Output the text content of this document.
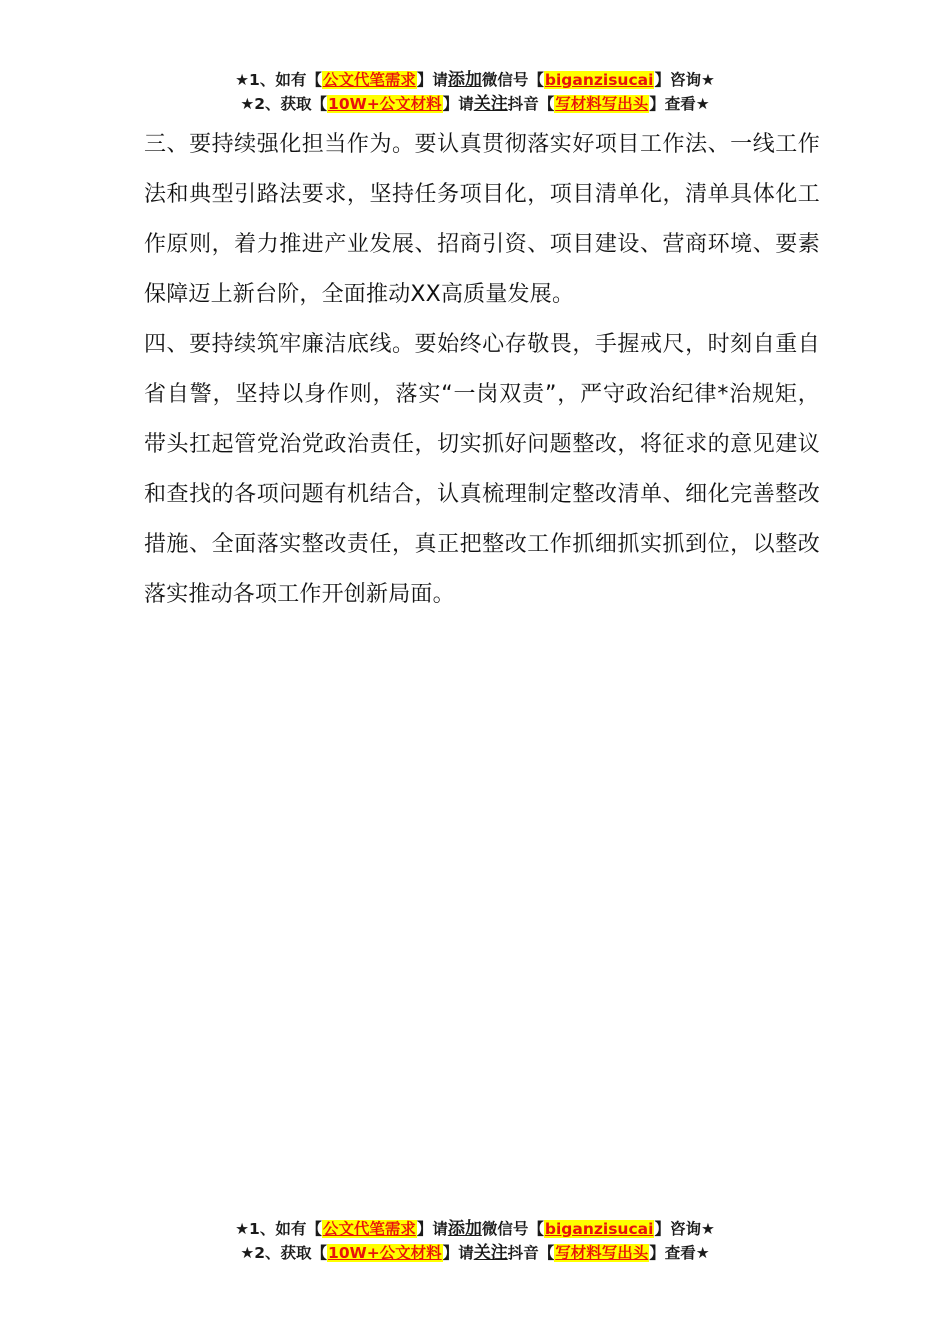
★1、如有【公文代笔需求】请添加微信号【biganzisucai】咨询★
★2、获取【10W+公文材料】请关注抖音【写材料写出头】查看★

三、要持续强化担当作为。要认真贯彻落实好项目工作法、一线工作法和典型引路法要求，坚持任务项目化，项目清单化，清单具体化工作原则，着力推进产业发展、招商引资、项目建设、营商环境、要素保障迈上新台阶，全面推动XX高质量发展。

四、要持续筑牢廉洁底线。要始终心存敬畏，手握戒尺，时刻自重自省自警，坚持以身作则，落实“一岗双责”，严守政治纪律*治规矩，带头扛起管党治党政治责任，切实抓好问题整改，将征求的意见建议和查找的各项问题有机结合，认真梳理制定整改清单、细化完善整改措施、全面落实整改责任，真正把整改工作抓细抓实抓到位，以整改落实推动各项工作开创新局面。

★1、如有【公文代笔需求】请添加微信号【biganzisucai】咨询★
★2、获取【10W+公文材料】请关注抖音【写材料写出头】查看★
